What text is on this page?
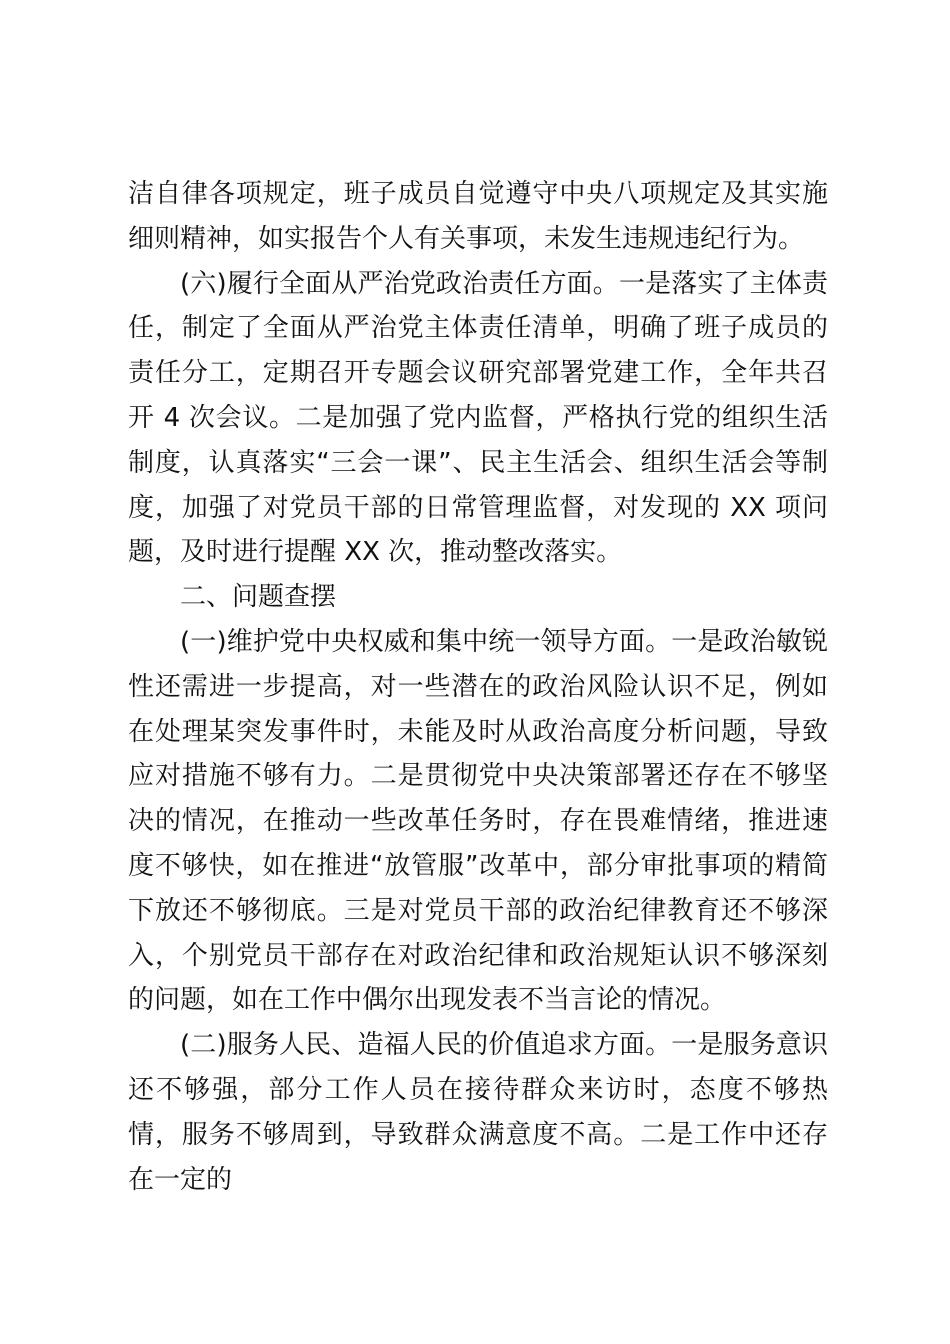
洁自律各项规定，班子成员自觉遵守中央八项规定及其实施细则精神，如实报告个人有关事项，未发生违规违纪行为。

(六)履行全面从严治党政治责任方面。一是落实了主体责任，制定了全面从严治党主体责任清单，明确了班子成员的责任分工，定期召开专题会议研究部署党建工作，全年共召开 4 次会议。二是加强了党内监督，严格执行党的组织生活制度，认真落实“三会一课”、民主生活会、组织生活会等制度，加强了对党员干部的日常管理监督，对发现的 XX 项问题，及时进行提醒 XX 次，推动整改落实。

二、问题查摆

(一)维护党中央权威和集中统一领导方面。一是政治敏锐性还需进一步提高，对一些潜在的政治风险认识不足，例如在处理某突发事件时，未能及时从政治高度分析问题，导致应对措施不够有力。二是贯彻党中央决策部署还存在不够坚决的情况，在推动一些改革任务时，存在畏难情绪，推进速度不够快，如在推进“放管服”改革中，部分审批事项的精简下放还不够彻底。三是对党员干部的政治纪律教育还不够深入，个别党员干部存在对政治纪律和政治规矩认识不够深刻的问题，如在工作中偶尔出现发表不当言论的情况。

(二)服务人民、造福人民的价值追求方面。一是服务意识还不够强，部分工作人员在接待群众来访时，态度不够热情，服务不够周到，导致群众满意度不高。二是工作中还存在一定的
